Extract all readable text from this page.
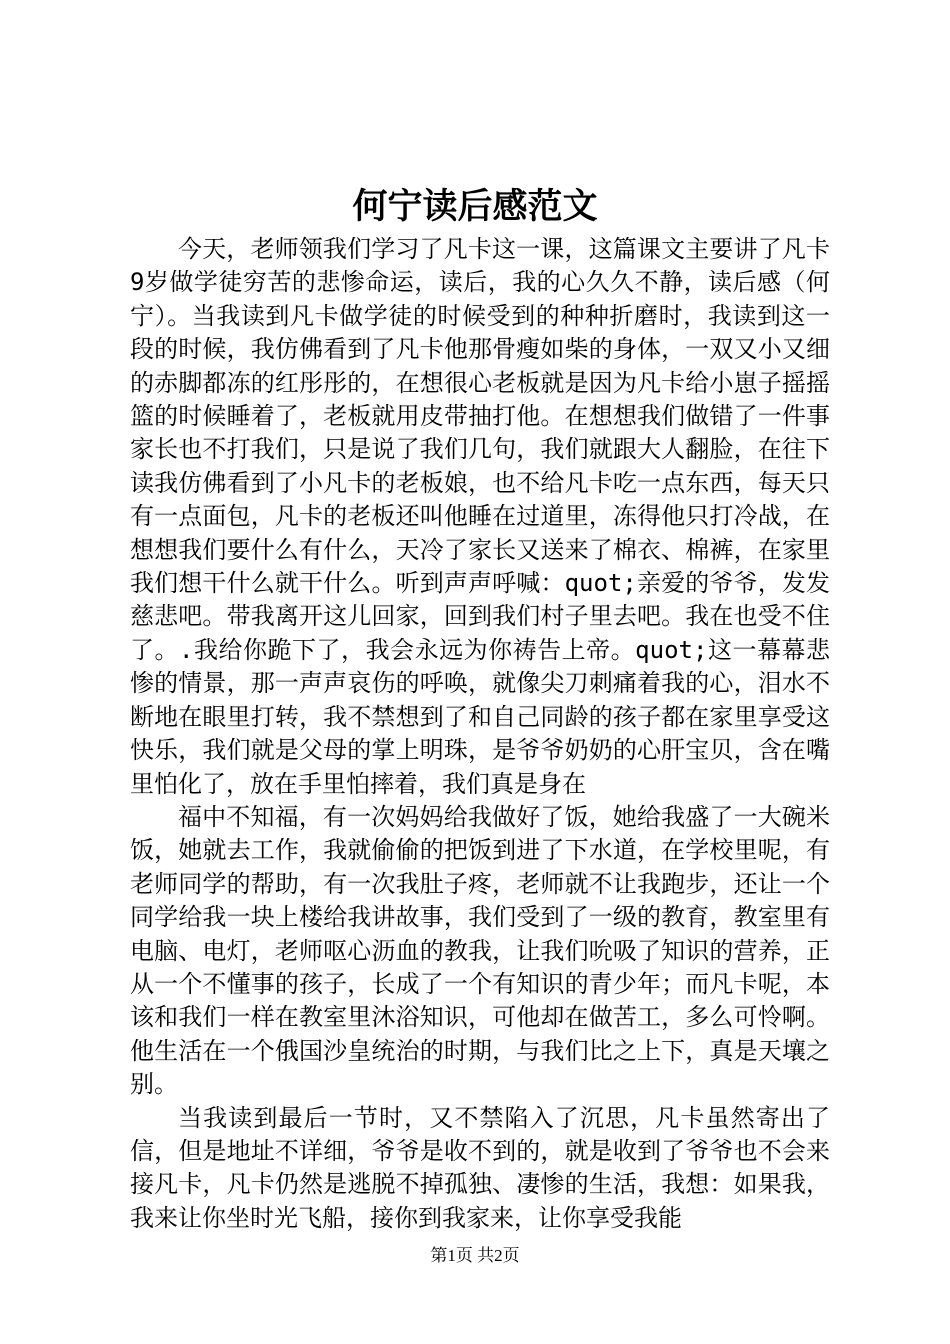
何宁读后感范文

今天，老师领我们学习了凡卡这一课，这篇课文主要讲了凡卡9岁做学徒穷苦的悲惨命运，读后，我的心久久不静，读后感（何宁）。当我读到凡卡做学徒的时候受到的种种折磨时，我读到这一段的时候，我仿佛看到了凡卡他那骨瘦如柴的身体，一双又小又细的赤脚都冻的红彤彤的，在想很心老板就是因为凡卡给小崽子摇摇篮的时候睡着了，老板就用皮带抽打他。在想想我们做错了一件事家长也不打我们，只是说了我们几句，我们就跟大人翻脸，在往下读我仿佛看到了小凡卡的老板娘，也不给凡卡吃一点东西，每天只有一点面包，凡卡的老板还叫他睡在过道里，冻得他只打冷战，在想想我们要什么有什么，天冷了家长又送来了棉衣、棉裤，在家里我们想干什么就干什么。听到声声呼喊：quot;亲爱的爷爷，发发慈悲吧。带我离开这儿回家，回到我们村子里去吧。我在也受不住了。.我给你跪下了，我会永远为你祷告上帝。quot;这一幕幕悲惨的情景，那一声声哀伤的呼唤，就像尖刀刺痛着我的心，泪水不断地在眼里打转，我不禁想到了和自己同龄的孩子都在家里享受这快乐，我们就是父母的掌上明珠，是爷爷奶奶的心肝宝贝，含在嘴里怕化了，放在手里怕摔着，我们真是身在

福中不知福，有一次妈妈给我做好了饭，她给我盛了一大碗米饭，她就去工作，我就偷偷的把饭到进了下水道，在学校里呢，有老师同学的帮助，有一次我肚子疼，老师就不让我跑步，还让一个同学给我一块上楼给我讲故事，我们受到了一级的教育，教室里有电脑、电灯，老师呕心沥血的教我，让我们吮吸了知识的营养，正从一个不懂事的孩子，长成了一个有知识的青少年；而凡卡呢，本该和我们一样在教室里沐浴知识，可他却在做苦工，多么可怜啊。他生活在一个俄国沙皇统治的时期，与我们比之上下，真是天壤之别。

当我读到最后一节时，又不禁陷入了沉思，凡卡虽然寄出了信，但是地址不详细，爷爷是收不到的，就是收到了爷爷也不会来接凡卡，凡卡仍然是逃脱不掉孤独、凄惨的生活，我想：如果我，我来让你坐时光飞船，接你到我家来，让你享受我能

第1页 共2页
